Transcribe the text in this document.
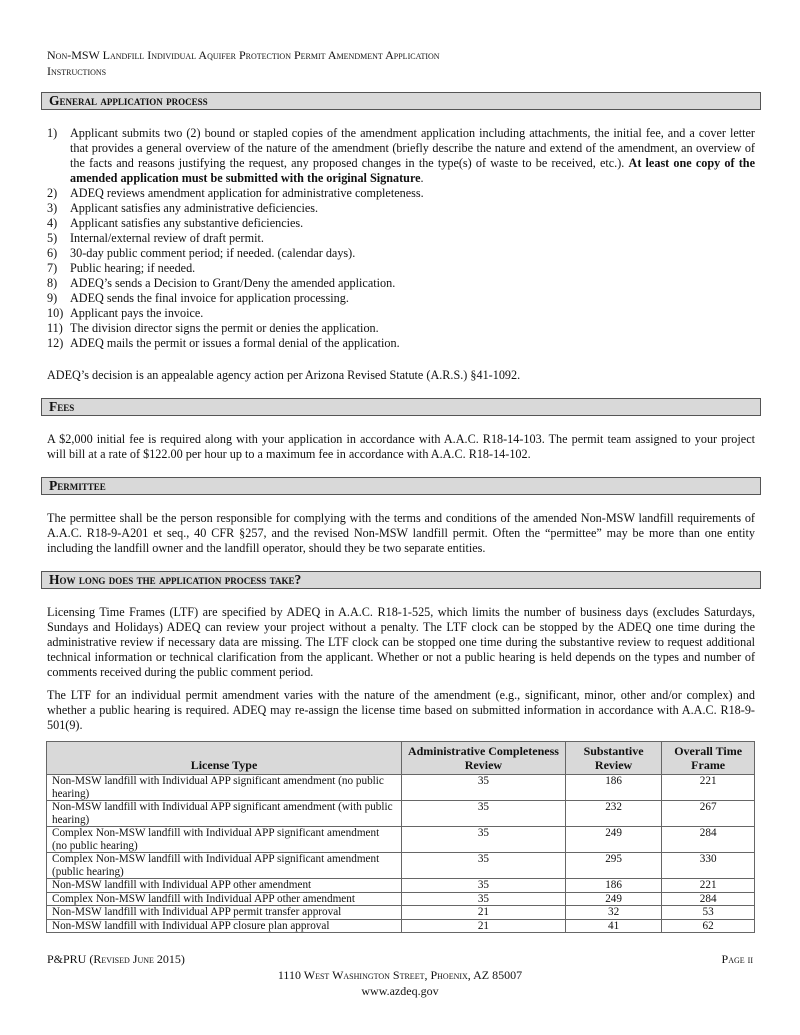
Non-MSW Landfill Individual Aquifer Protection Permit Amendment Application
Instructions
General application process
1) Applicant submits two (2) bound or stapled copies of the amendment application including attachments, the initial fee, and a cover letter that provides a general overview of the nature of the amendment (briefly describe the nature and extend of the amendment, an overview of the facts and reasons justifying the request, any proposed changes in the type(s) of waste to be received, etc.). At least one copy of the amended application must be submitted with the original Signature.
2) ADEQ reviews amendment application for administrative completeness.
3) Applicant satisfies any administrative deficiencies.
4) Applicant satisfies any substantive deficiencies.
5) Internal/external review of draft permit.
6) 30-day public comment period; if needed. (calendar days).
7) Public hearing; if needed.
8) ADEQ’s sends a Decision to Grant/Deny the amended application.
9) ADEQ sends the final invoice for application processing.
10) Applicant pays the invoice.
11) The division director signs the permit or denies the application.
12) ADEQ mails the permit or issues a formal denial of the application.
ADEQ’s decision is an appealable agency action per Arizona Revised Statute (A.R.S.) §41-1092.
Fees
A $2,000 initial fee is required along with your application in accordance with A.A.C. R18-14-103. The permit team assigned to your project will bill at a rate of $122.00 per hour up to a maximum fee in accordance with A.A.C. R18-14-102.
Permittee
The permittee shall be the person responsible for complying with the terms and conditions of the amended Non-MSW landfill requirements of A.A.C. R18-9-A201 et seq., 40 CFR §257, and the revised Non-MSW landfill permit. Often the “permittee” may be more than one entity including the landfill owner and the landfill operator, should they be two separate entities.
How long does the application process take?
Licensing Time Frames (LTF) are specified by ADEQ in A.A.C. R18-1-525, which limits the number of business days (excludes Saturdays, Sundays and Holidays) ADEQ can review your project without a penalty. The LTF clock can be stopped by the ADEQ one time during the administrative review if necessary data are missing. The LTF clock can be stopped one time during the substantive review to request additional technical information or technical clarification from the applicant. Whether or not a public hearing is held depends on the types and number of comments received during the public comment period.
The LTF for an individual permit amendment varies with the nature of the amendment (e.g., significant, minor, other and/or complex) and whether a public hearing is required. ADEQ may re-assign the license time based on submitted information in accordance with A.A.C. R18-9-501(9).
License Type	Administrative Completeness Review	Substantive Review	Overall Time Frame
Non-MSW landfill with Individual APP significant amendment (no public hearing)	35	186	221
Non-MSW landfill with Individual APP significant amendment (with public hearing)	35	232	267
Complex Non-MSW landfill with Individual APP significant amendment (no public hearing)	35	249	284
Complex Non-MSW landfill with Individual APP significant amendment (public hearing)	35	295	330
Non-MSW landfill with Individual APP other amendment	35	186	221
Complex Non-MSW landfill with Individual APP other amendment	35	249	284
Non-MSW landfill with Individual APP permit transfer approval	21	32	53
Non-MSW landfill with Individual APP closure plan approval	21	41	62
P&PRU (Revised June 2015)	Page ii
1110 West Washington Street, Phoenix, AZ 85007
www.azdeq.gov
